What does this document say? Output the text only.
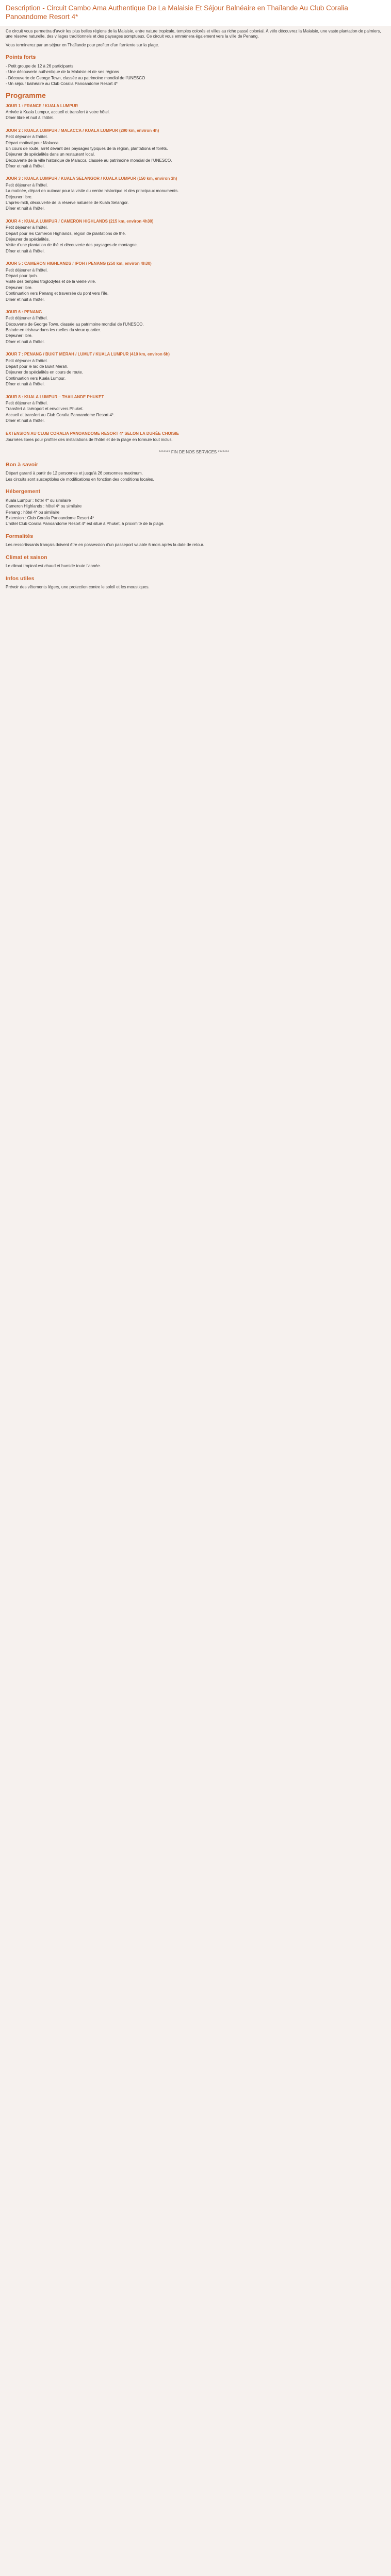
Description - Circuit Cambo Ama Authentique De La Malaisie Et Séjour Balnéaire en Thaïlande Au Club Coralia Panoandome Resort 4*

Ce circuit vous permettra d’avoir les plus belles régions de la Malaisie, entre nature tropicale, temples colorés et villes au riche passé colonial. À vélo découvrez la Malaisie, une vaste plantation de palmiers, une réserve naturelle, des villages traditionnels et des paysages somptueux. Ce circuit vous emmènera également vers la ville de Penang.

Vous terminerez par un séjour en Thaïlande pour profiter d’un farniente sur la plage.

Points forts
- Petit groupe de 12 à 26 participants
- Une découverte authentique de la Malaisie et de ses régions
- Découverte de George Town, classée au patrimoine mondial de l’UNESCO
- Un séjour balnéaire au Club Coralia Panoandome Resort 4*
Programme
JOUR 1 : FRANCE / KUALA LUMPUR
Arrivée à Kuala Lumpur, accueil et transfert à votre hôtel.
Dîner libre et nuit à l’hôtel.
JOUR 2 : KUALA LUMPUR / MALACCA / KUALA LUMPUR (290 km, environ 4h)
Petit déjeuner à l’hôtel.
Départ matinal pour Malacca.
En cours de route, arrêt devant des paysages typiques de la région, plantations et forêts.
Déjeuner de spécialités dans un restaurant local.
Découverte de la ville historique de Malacca, classée au patrimoine mondial de l’UNESCO.
Dîner et nuit à l’hôtel.
JOUR 3 : KUALA LUMPUR / KUALA SELANGOR / KUALA LUMPUR (150 km, environ 3h)
Petit déjeuner à l’hôtel.
La matinée, départ en autocar pour la visite du centre historique et des principaux monuments.
Déjeuner libre.
L’après-midi, découverte de la réserve naturelle de Kuala Selangor.
Dîner et nuit à l’hôtel.
JOUR 4 : KUALA LUMPUR / CAMERON HIGHLANDS (215 km, environ 4h30)
Petit déjeuner à l’hôtel.
Départ pour les Cameron Highlands, région de plantations de thé.
Déjeuner de spécialités.
Visite d’une plantation de thé et découverte des paysages de montagne.
Dîner et nuit à l’hôtel.
JOUR 5 : CAMERON HIGHLANDS / IPOH / PENANG (250 km, environ 4h30)
Petit déjeuner à l’hôtel.
Départ pour Ipoh.
Visite des temples troglodytes et de la vieille ville.
Déjeuner libre.
Continuation vers Penang et traversée du pont vers l’île.
Dîner et nuit à l’hôtel.
JOUR 6 : PENANG
Petit déjeuner à l’hôtel.
Découverte de George Town, classée au patrimoine mondial de l’UNESCO.
Balade en trishaw dans les ruelles du vieux quartier.
Déjeuner libre.
Dîner et nuit à l’hôtel.
JOUR 7 : PENANG / BUKIT MERAH / LUMUT / KUALA LUMPUR (410 km, environ 6h)
Petit déjeuner à l’hôtel.
Départ pour le lac de Bukit Merah.
Déjeuner de spécialités en cours de route.
Continuation vers Kuala Lumpur.
Dîner et nuit à l’hôtel.
JOUR 8 : KUALA LUMPUR – THAILANDE PHUKET
Petit déjeuner à l’hôtel.
Transfert à l’aéroport et envol vers Phuket.
Accueil et transfert au Club Coralia Panoandome Resort 4*.
Dîner et nuit à l’hôtel.
EXTENSION AU CLUB CORALIA PANOANDOME RESORT 4* SELON LA DURÉE CHOISIE
Journées libres pour profiter des installations de l’hôtel et de la plage en formule tout inclus.
******* FIN DE NOS SERVICES *******
Bon à savoir
Départ garanti à partir de 12 personnes et jusqu’à 26 personnes maximum.
Les circuits sont susceptibles de modifications en fonction des conditions locales.
Hébergement
Kuala Lumpur : hôtel 4* ou similaire
Cameron Highlands : hôtel 4* ou similaire
Penang : hôtel 4* ou similaire
Extension : Club Coralia Panoandome Resort 4*

L’hôtel Club Coralia Panoandome Resort 4* est situé à Phuket, à proximité de la plage.

Formalités

Les ressortissants français doivent être en possession d’un passeport valable 6 mois après la date de retour.

Climat et saison

Le climat tropical est chaud et humide toute l’année.

Infos utiles

Prévoir des vêtements légers, une protection contre le soleil et les moustiques.
